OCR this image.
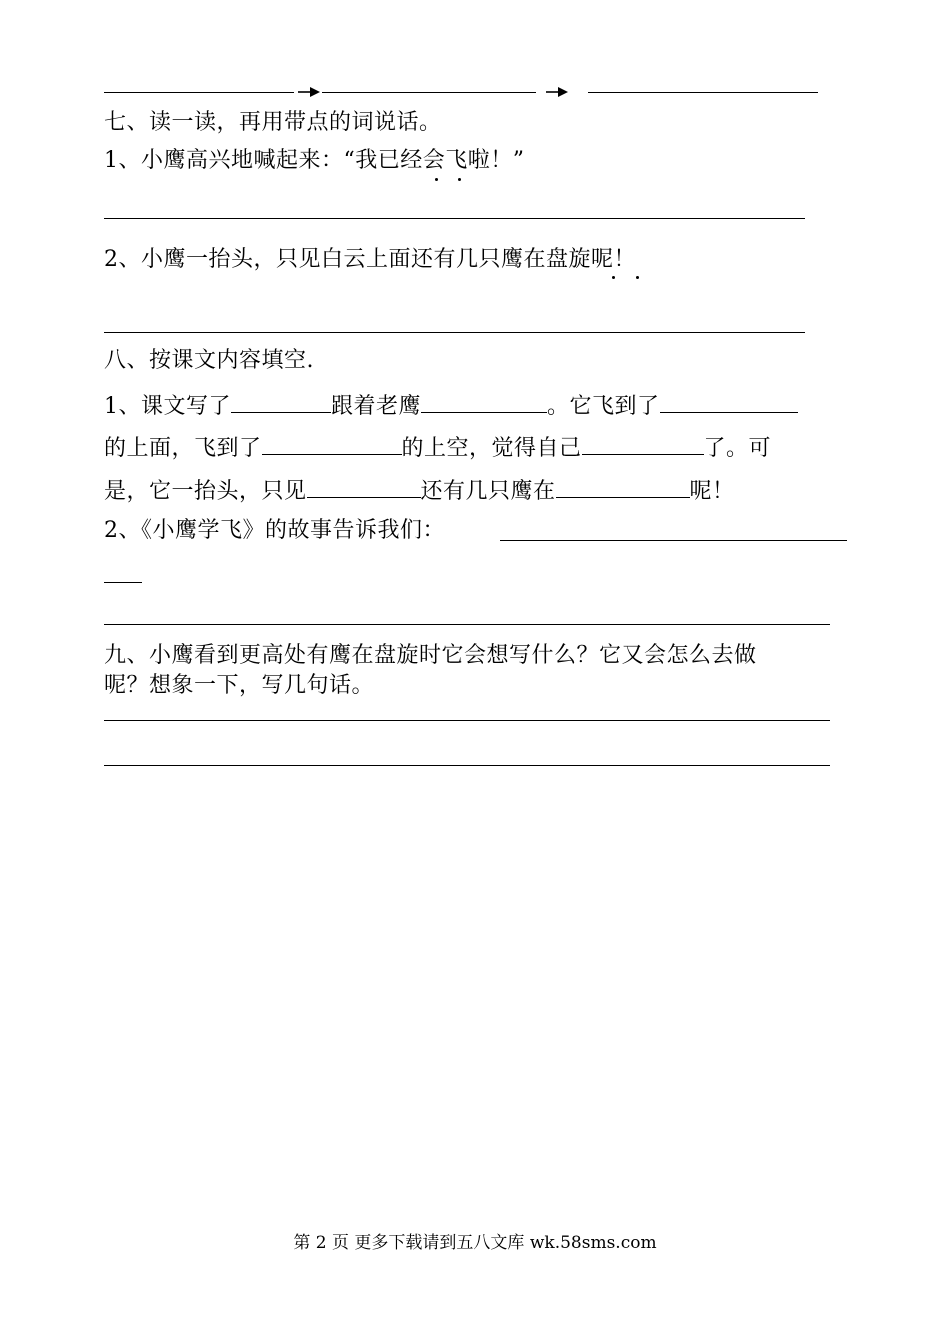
七、读一读，再用带点的词说话。
1、小鹰高兴地喊起来：“我已经会飞啦！”
2、小鹰一抬头，只见白云上面还有几只鹰在盘旋呢！
八、按课文内容填空.
1、课文写了	跟着老鹰	。它飞到了
的上面，飞到了	的上空，觉得自己	了。可
是，它一抬头，只见	还有几只鹰在	呢！
2、《小鹰学飞》的故事告诉我们：
九、小鹰看到更高处有鹰在盘旋时它会想写什么？它又会怎么去做
呢？想象一下，写几句话。
第 2 页 更多下载请到五八文库 wk.58sms.com
